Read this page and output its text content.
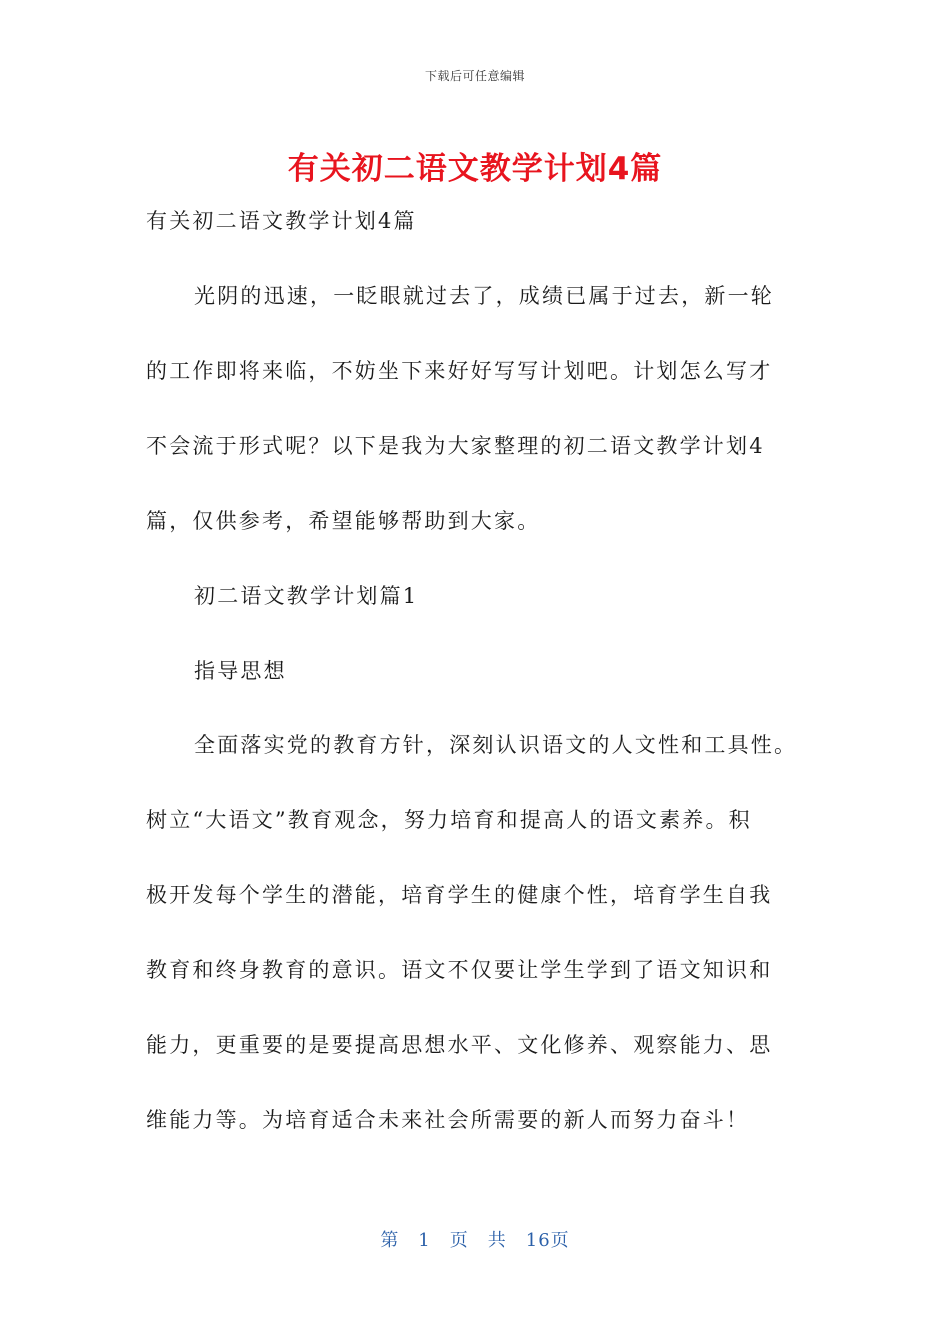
下载后可任意编辑
有关初二语文教学计划4篇
有关初二语文教学计划4篇
光阴的迅速，一眨眼就过去了，成绩已属于过去，新一轮
的工作即将来临，不妨坐下来好好写写计划吧。计划怎么写才
不会流于形式呢？以下是我为大家整理的初二语文教学计划4
篇，仅供参考，希望能够帮助到大家。
初二语文教学计划篇1
指导思想
全面落实党的教育方针，深刻认识语文的人文性和工具性。
树立“大语文”教育观念，努力培育和提高人的语文素养。积
极开发每个学生的潜能，培育学生的健康个性，培育学生自我
教育和终身教育的意识。语文不仅要让学生学到了语文知识和
能力，更重要的是要提高思想水平、文化修养、观察能力、思
维能力等。为培育适合未来社会所需要的新人而努力奋斗！
第　1　页　共　16页
